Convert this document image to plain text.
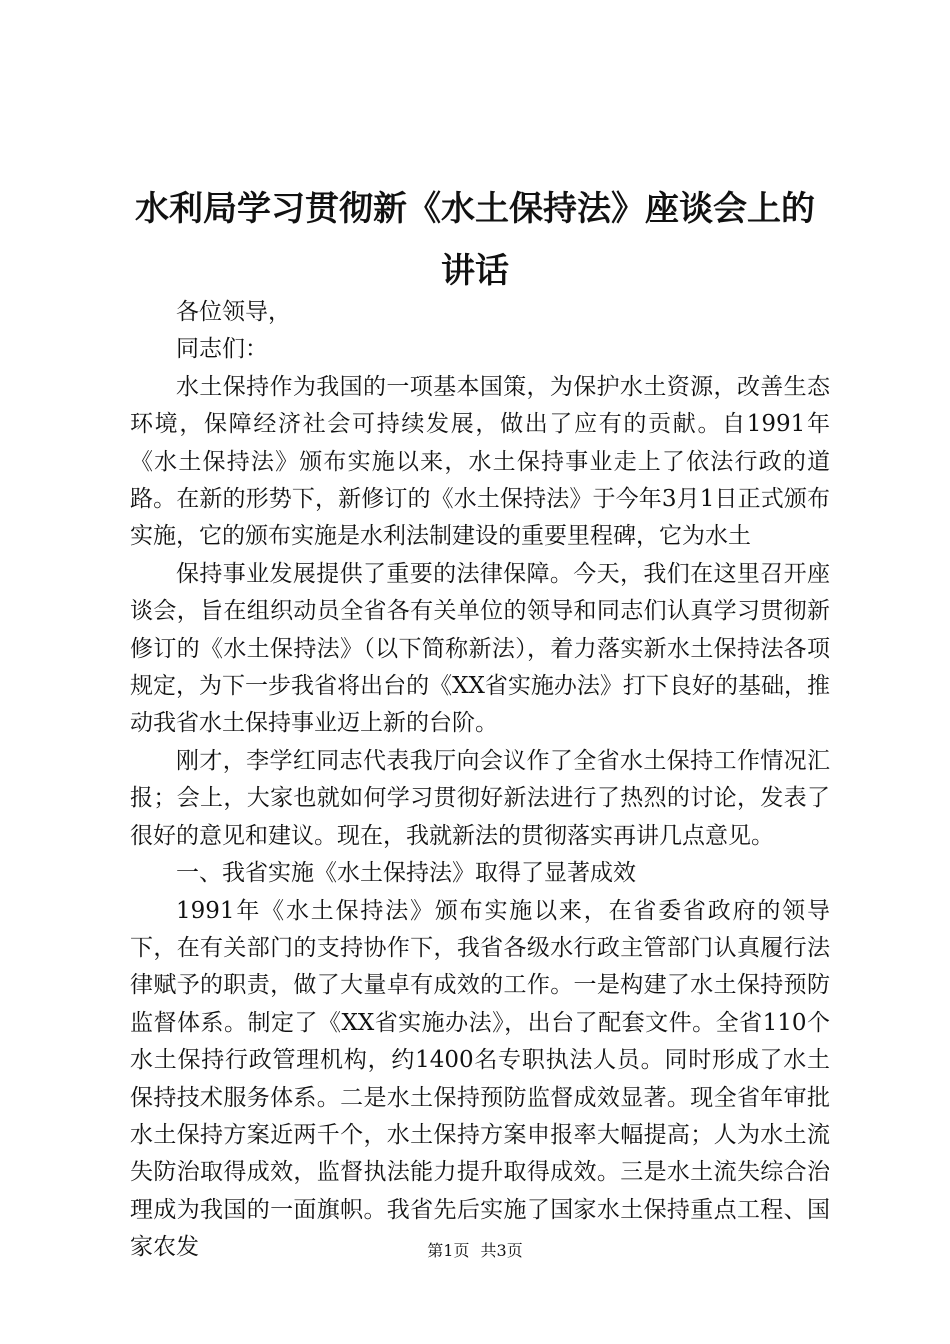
水利局学习贯彻新《水土保持法》座谈会上的讲话

各位领导，

同志们：

水土保持作为我国的一项基本国策，为保护水土资源，改善生态环境，保障经济社会可持续发展，做出了应有的贡献。自1991年《水土保持法》颁布实施以来，水土保持事业走上了依法行政的道路。在新的形势下，新修订的《水土保持法》于今年3月1日正式颁布实施，它的颁布实施是水利法制建设的重要里程碑，它为水土

保持事业发展提供了重要的法律保障。今天，我们在这里召开座谈会，旨在组织动员全省各有关单位的领导和同志们认真学习贯彻新修订的《水土保持法》（以下简称新法），着力落实新水土保持法各项规定，为下一步我省将出台的《XX省实施办法》打下良好的基础，推动我省水土保持事业迈上新的台阶。

刚才，李学红同志代表我厅向会议作了全省水土保持工作情况汇报；会上，大家也就如何学习贯彻好新法进行了热烈的讨论，发表了很好的意见和建议。现在，我就新法的贯彻落实再讲几点意见。

一、我省实施《水土保持法》取得了显著成效

1991年《水土保持法》颁布实施以来，在省委省政府的领导下，在有关部门的支持协作下，我省各级水行政主管部门认真履行法律赋予的职责，做了大量卓有成效的工作。一是构建了水土保持预防监督体系。制定了《XX省实施办法》，出台了配套文件。全省110个水土保持行政管理机构，约1400名专职执法人员。同时形成了水土保持技术服务体系。二是水土保持预防监督成效显著。现全省年审批水土保持方案近两千个，水土保持方案申报率大幅提高；人为水土流失防治取得成效，监督执法能力提升取得成效。三是水土流失综合治理成为我国的一面旗帜。我省先后实施了国家水土保持重点工程、国家农发	第1页 共3页
